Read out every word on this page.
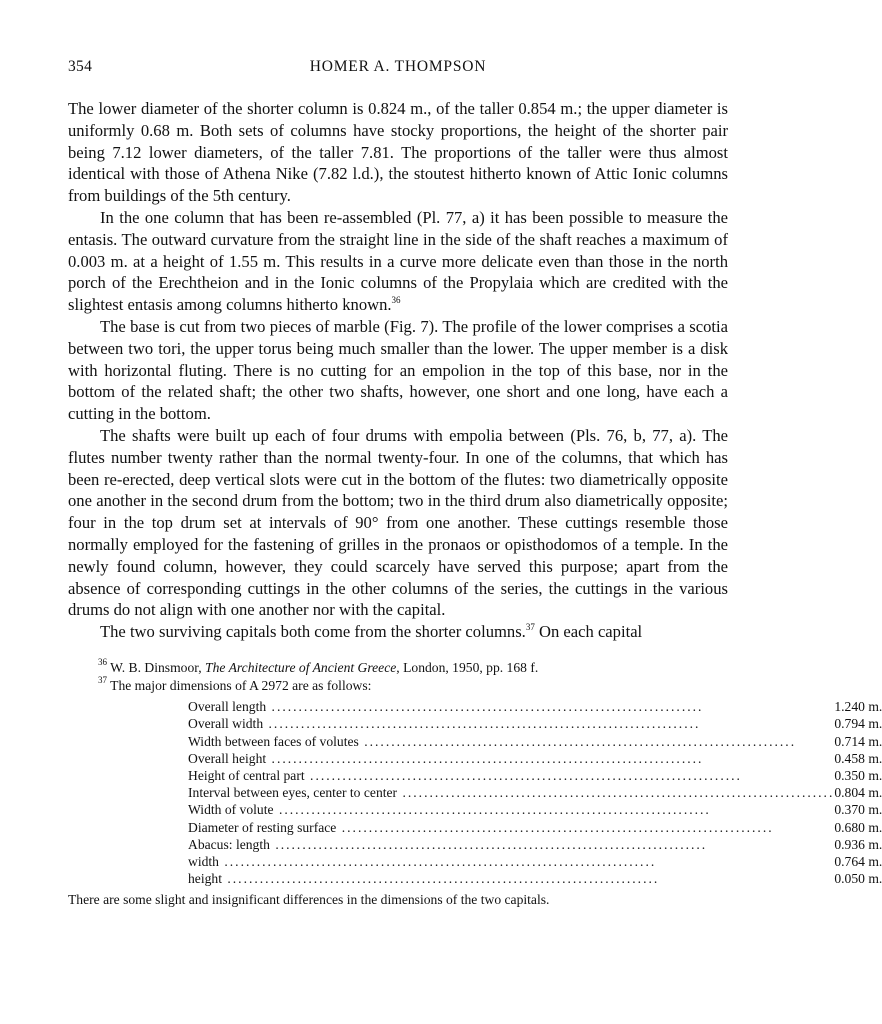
354	HOMER A. THOMPSON

The lower diameter of the shorter column is 0.824 m., of the taller 0.854 m.; the upper diameter is uniformly 0.68 m. Both sets of columns have stocky proportions, the height of the shorter pair being 7.12 lower diameters, of the taller 7.81. The proportions of the taller were thus almost identical with those of Athena Nike (7.82 l.d.), the stoutest hitherto known of Attic Ionic columns from buildings of the 5th century.

In the one column that has been re-assembled (Pl. 77, a) it has been possible to measure the entasis. The outward curvature from the straight line in the side of the shaft reaches a maximum of 0.003 m. at a height of 1.55 m. This results in a curve more delicate even than those in the north porch of the Erechtheion and in the Ionic columns of the Propylaia which are credited with the slightest entasis among columns hitherto known.$^{36}$

The base is cut from two pieces of marble (Fig. 7). The profile of the lower comprises a scotia between two tori, the upper torus being much smaller than the lower. The upper member is a disk with horizontal fluting. There is no cutting for an empolion in the top of this base, nor in the bottom of the related shaft; the other two shafts, however, one short and one long, have each a cutting in the bottom.

The shafts were built up each of four drums with empolia between (Pls. 76, b, 77, a). The flutes number twenty rather than the normal twenty-four. In one of the columns, that which has been re-erected, deep vertical slots were cut in the bottom of the flutes: two diametrically opposite one another in the second drum from the bottom; two in the third drum also diametrically opposite; four in the top drum set at intervals of 90° from one another. These cuttings resemble those normally employed for the fastening of grilles in the pronaos or opisthodomos of a temple. In the newly found column, however, they could scarcely have served this purpose; apart from the absence of corresponding cuttings in the other columns of the series, the cuttings in the various drums do not align with one another nor with the capital.

The two surviving capitals both come from the shorter columns.$^{37}$ On each capital

$^{36}$ W. B. Dinsmoor, The Architecture of Ancient Greece, London, 1950, pp. 168 f.

$^{37}$ The major dimensions of A 2972 are as follows:

Overall length ................................................................................	1.240 m.
Overall width ................................................................................	0.794 m.
Width between faces of volutes ................................................................................	0.714 m.
Overall height ................................................................................	0.458 m.
Height of central part ................................................................................	0.350 m.
Interval between eyes, center to center ................................................................................	0.804 m.
Width of volute ................................................................................	0.370 m.
Diameter of resting surface ................................................................................	0.680 m.
Abacus: length ................................................................................	0.936 m.
width ................................................................................	0.764 m.
height ................................................................................	0.050 m.

There are some slight and insignificant differences in the dimensions of the two capitals.
